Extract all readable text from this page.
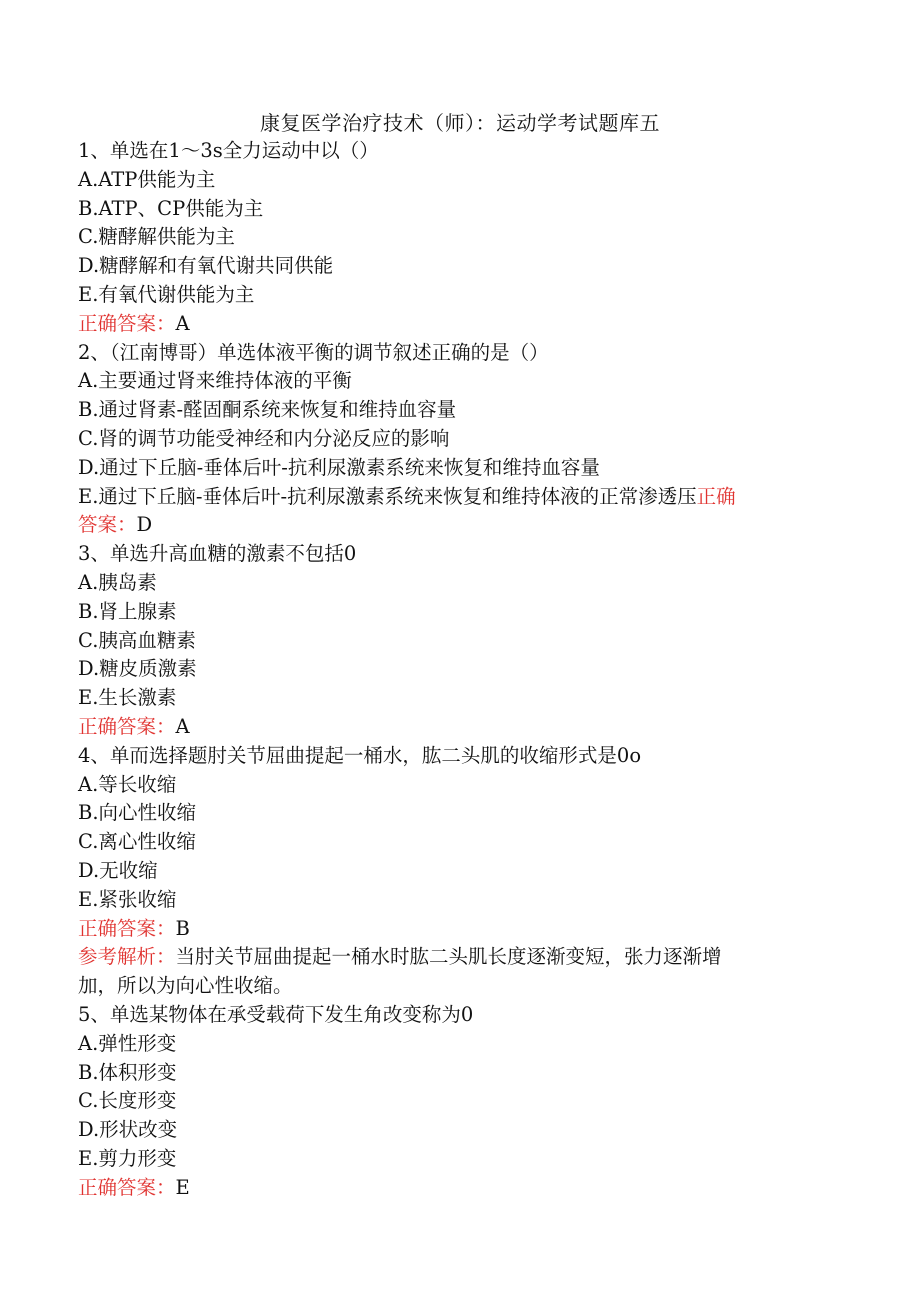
康复医学治疗技术（师）：运动学考试题库五
1、单选在1～3s全力运动中以（）
A.ATP供能为主
B.ATP、CP供能为主
C.糖酵解供能为主
D.糖酵解和有氧代谢共同供能
E.有氧代谢供能为主
正确答案：A
2、（江南博哥）单选体液平衡的调节叙述正确的是（）
A.主要通过肾来维持体液的平衡
B.通过肾素-醛固酮系统来恢复和维持血容量
C.肾的调节功能受神经和内分泌反应的影响
D.通过下丘脑-垂体后叶-抗利尿激素系统来恢复和维持血容量
E.通过下丘脑-垂体后叶-抗利尿激素系统来恢复和维持体液的正常渗透压正确
答案：D
3、单选升高血糖的激素不包括0
A.胰岛素
B.肾上腺素
C.胰高血糖素
D.糖皮质激素
E.生长激素
正确答案：A
4、单而选择题肘关节屈曲提起一桶水，肱二头肌的收缩形式是0o
A.等长收缩
B.向心性收缩
C.离心性收缩
D.无收缩
E.紧张收缩
正确答案：B
参考解析：当肘关节屈曲提起一桶水时肱二头肌长度逐渐变短，张力逐渐增
加，所以为向心性收缩。
5、单选某物体在承受载荷下发生角改变称为0
A.弹性形变
B.体积形变
C.长度形变
D.形状改变
E.剪力形变
正确答案：E
